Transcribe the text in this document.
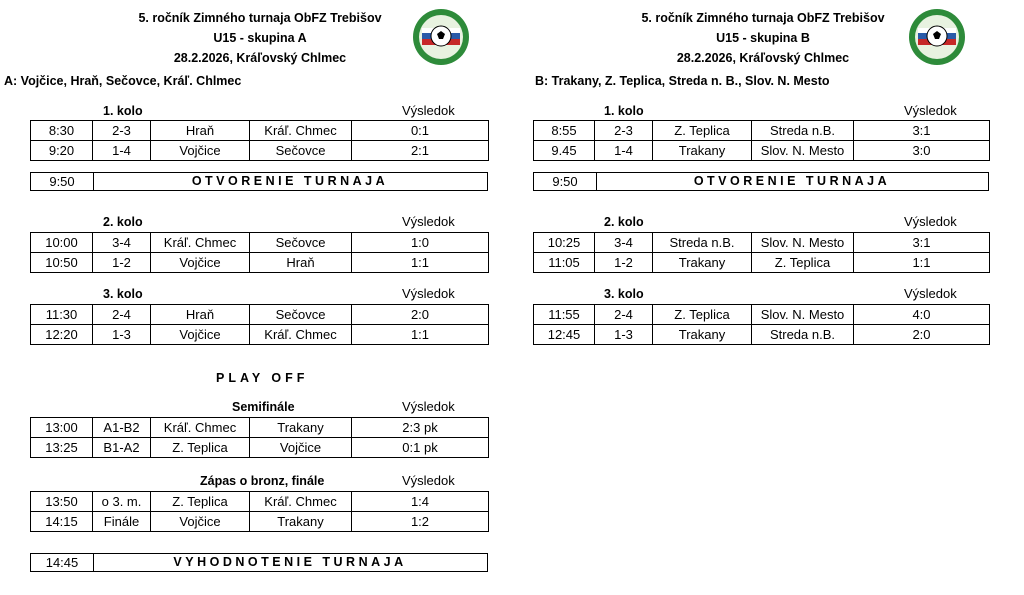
5. ročník Zimného turnaja ObFZ Trebišov
U15 - skupina A
28.2.2026, Kráľovský Chlmec
A: Vojčice, Hraň, Sečovce, Kráľ. Chlmec
5. ročník Zimného turnaja ObFZ Trebišov
U15 - skupina B
28.2.2026, Kráľovský Chlmec
B: Trakany, Z. Teplica, Streda n. B., Slov. N. Mesto
1. kolo	Výsledok
8:30	2-3	Hraň	Kráľ. Chmec	0:1
9:20	1-4	Vojčice	Sečovce	2:1
9:50	OTVORENIE TURNAJA
2. kolo	Výsledok
10:00	3-4	Kráľ. Chmec	Sečovce	1:0
10:50	1-2	Vojčice	Hraň	1:1
3. kolo	Výsledok
11:30	2-4	Hraň	Sečovce	2:0
12:20	1-3	Vojčice	Kráľ. Chmec	1:1
1. kolo	Výsledok
8:55	2-3	Z. Teplica	Streda n.B.	3:1
9.45	1-4	Trakany	Slov. N. Mesto	3:0
9:50	OTVORENIE TURNAJA
2. kolo	Výsledok
10:25	3-4	Streda n.B.	Slov. N. Mesto	3:1
11:05	1-2	Trakany	Z. Teplica	1:1
3. kolo	Výsledok
11:55	2-4	Z. Teplica	Slov. N. Mesto	4:0
12:45	1-3	Trakany	Streda n.B.	2:0
PLAY OFF
Semifinále	Výsledok
13:00	A1-B2	Kráľ. Chmec	Trakany	2:3 pk
13:25	B1-A2	Z. Teplica	Vojčice	0:1 pk
Zápas o bronz, finále	Výsledok
13:50	o 3. m.	Z. Teplica	Kráľ. Chmec	1:4
14:15	Finále	Vojčice	Trakany	1:2
14:45	VYHODNOTENIE TURNAJA
